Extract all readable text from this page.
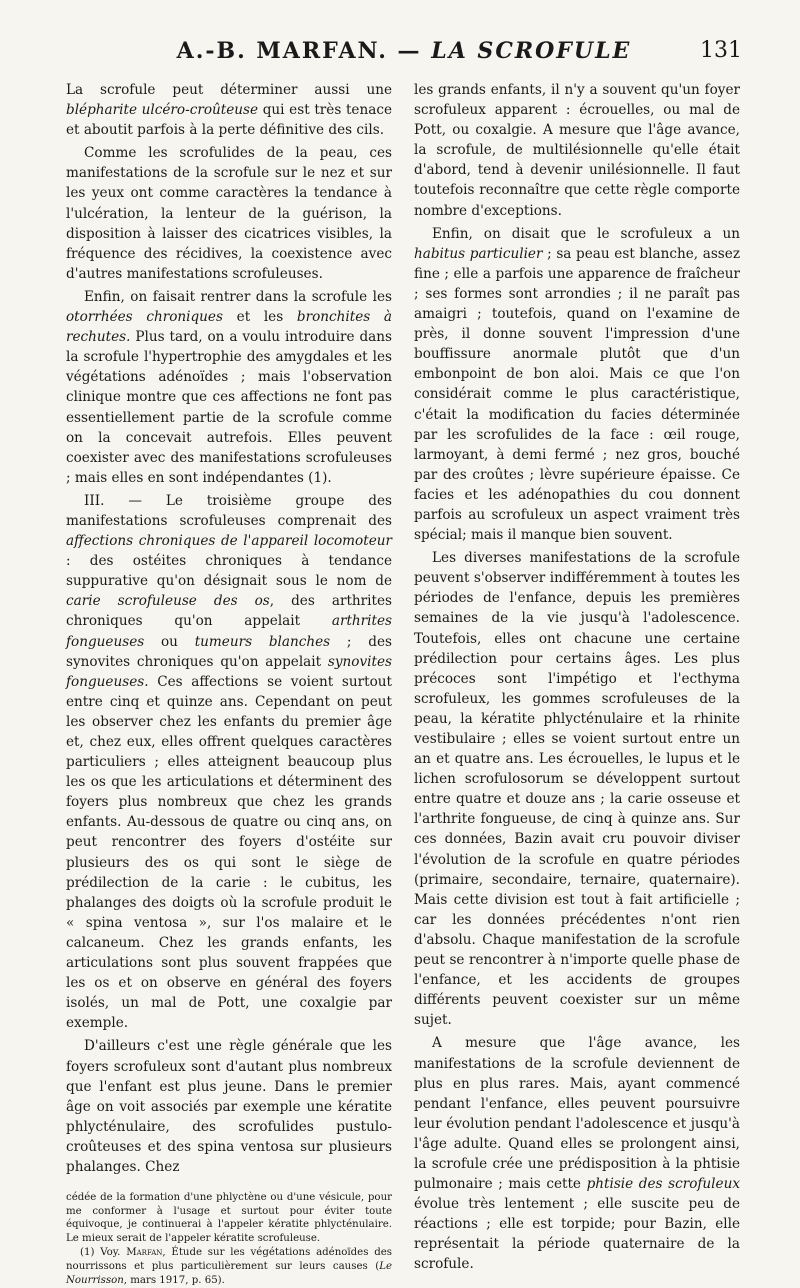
A.-B. MARFAN. — LA SCROFULE	131

La scrofule peut déterminer aussi une blépharite ulcéro-croûteuse qui est très tenace et aboutit parfois à la perte définitive des cils.

Comme les scrofulides de la peau, ces manifestations de la scrofule sur le nez et sur les yeux ont comme caractères la tendance à l'ulcération, la lenteur de la guérison, la disposition à laisser des cicatrices visibles, la fréquence des récidives, la coexistence avec d'autres manifestations scrofuleuses.

Enfin, on faisait rentrer dans la scrofule les otorrhées chroniques et les bronchites à rechutes. Plus tard, on a voulu introduire dans la scrofule l'hypertrophie des amygdales et les végétations adénoïdes ; mais l'observation clinique montre que ces affections ne font pas essentiellement partie de la scrofule comme on la concevait autrefois. Elles peuvent coexister avec des manifestations scrofuleuses ; mais elles en sont indépendantes (1).

III. — Le troisième groupe des manifestations scrofuleuses comprenait des affections chroniques de l'appareil locomoteur : des ostéites chroniques à tendance suppurative qu'on désignait sous le nom de carie scrofuleuse des os, des arthrites chroniques qu'on appelait arthrites fongueuses ou tumeurs blanches ; des synovites chroniques qu'on appelait synovites fongueuses. Ces affections se voient surtout entre cinq et quinze ans. Cependant on peut les observer chez les enfants du premier âge et, chez eux, elles offrent quelques caractères particuliers ; elles atteignent beaucoup plus les os que les articulations et déterminent des foyers plus nombreux que chez les grands enfants. Au-dessous de quatre ou cinq ans, on peut rencontrer des foyers d'ostéite sur plusieurs des os qui sont le siège de prédilection de la carie : le cubitus, les phalanges des doigts où la scrofule produit le « spina ventosa », sur l'os malaire et le calcaneum. Chez les grands enfants, les articulations sont plus souvent frappées que les os et on observe en général des foyers isolés, un mal de Pott, une coxalgie par exemple.

D'ailleurs c'est une règle générale que les foyers scrofuleux sont d'autant plus nombreux que l'enfant est plus jeune. Dans le premier âge on voit associés par exemple une kératite phlycténulaire, des scrofulides pustulo-croûteuses et des spina ventosa sur plusieurs phalanges. Chez

cédée de la formation d'une phlyctène ou d'une vésicule, pour me conformer à l'usage et surtout pour éviter toute équivoque, je continuerai à l'appeler kératite phlycténulaire. Le mieux serait de l'appeler kératite scrofuleuse.

(1) Voy. Marfan, Étude sur les végétations adénoïdes des nourrissons et plus particulièrement sur leurs causes (Le Nourrisson, mars 1917, p. 65).

les grands enfants, il n'y a souvent qu'un foyer scrofuleux apparent : écrouelles, ou mal de Pott, ou coxalgie. A mesure que l'âge avance, la scrofule, de multilésionnelle qu'elle était d'abord, tend à devenir unilésionnelle. Il faut toutefois reconnaître que cette règle comporte nombre d'exceptions.

Enfin, on disait que le scrofuleux a un habitus particulier ; sa peau est blanche, assez fine ; elle a parfois une apparence de fraîcheur ; ses formes sont arrondies ; il ne paraît pas amaigri ; toutefois, quand on l'examine de près, il donne souvent l'impression d'une bouffissure anormale plutôt que d'un embonpoint de bon aloi. Mais ce que l'on considérait comme le plus caractéristique, c'était la modification du facies déterminée par les scrofulides de la face : œil rouge, larmoyant, à demi fermé ; nez gros, bouché par des croûtes ; lèvre supérieure épaisse. Ce facies et les adénopathies du cou donnent parfois au scrofuleux un aspect vraiment très spécial; mais il manque bien souvent.

Les diverses manifestations de la scrofule peuvent s'observer indifféremment à toutes les périodes de l'enfance, depuis les premières semaines de la vie jusqu'à l'adolescence. Toutefois, elles ont chacune une certaine prédilection pour certains âges. Les plus précoces sont l'impétigo et l'ecthyma scrofuleux, les gommes scrofuleuses de la peau, la kératite phlycténulaire et la rhinite vestibulaire ; elles se voient surtout entre un an et quatre ans. Les écrouelles, le lupus et le lichen scrofulosorum se développent surtout entre quatre et douze ans ; la carie osseuse et l'arthrite fongueuse, de cinq à quinze ans. Sur ces données, Bazin avait cru pouvoir diviser l'évolution de la scrofule en quatre périodes (primaire, secondaire, ternaire, quaternaire). Mais cette division est tout à fait artificielle ; car les données précédentes n'ont rien d'absolu. Chaque manifestation de la scrofule peut se rencontrer à n'importe quelle phase de l'enfance, et les accidents de groupes différents peuvent coexister sur un même sujet.

A mesure que l'âge avance, les manifestations de la scrofule deviennent de plus en plus rares. Mais, ayant commencé pendant l'enfance, elles peuvent poursuivre leur évolution pendant l'adolescence et jusqu'à l'âge adulte. Quand elles se prolongent ainsi, la scrofule crée une prédisposition à la phtisie pulmonaire ; mais cette phtisie des scrofuleux évolue très lentement ; elle suscite peu de réactions ; elle est torpide; pour Bazin, elle représentait la période quaternaire de la scrofule.
